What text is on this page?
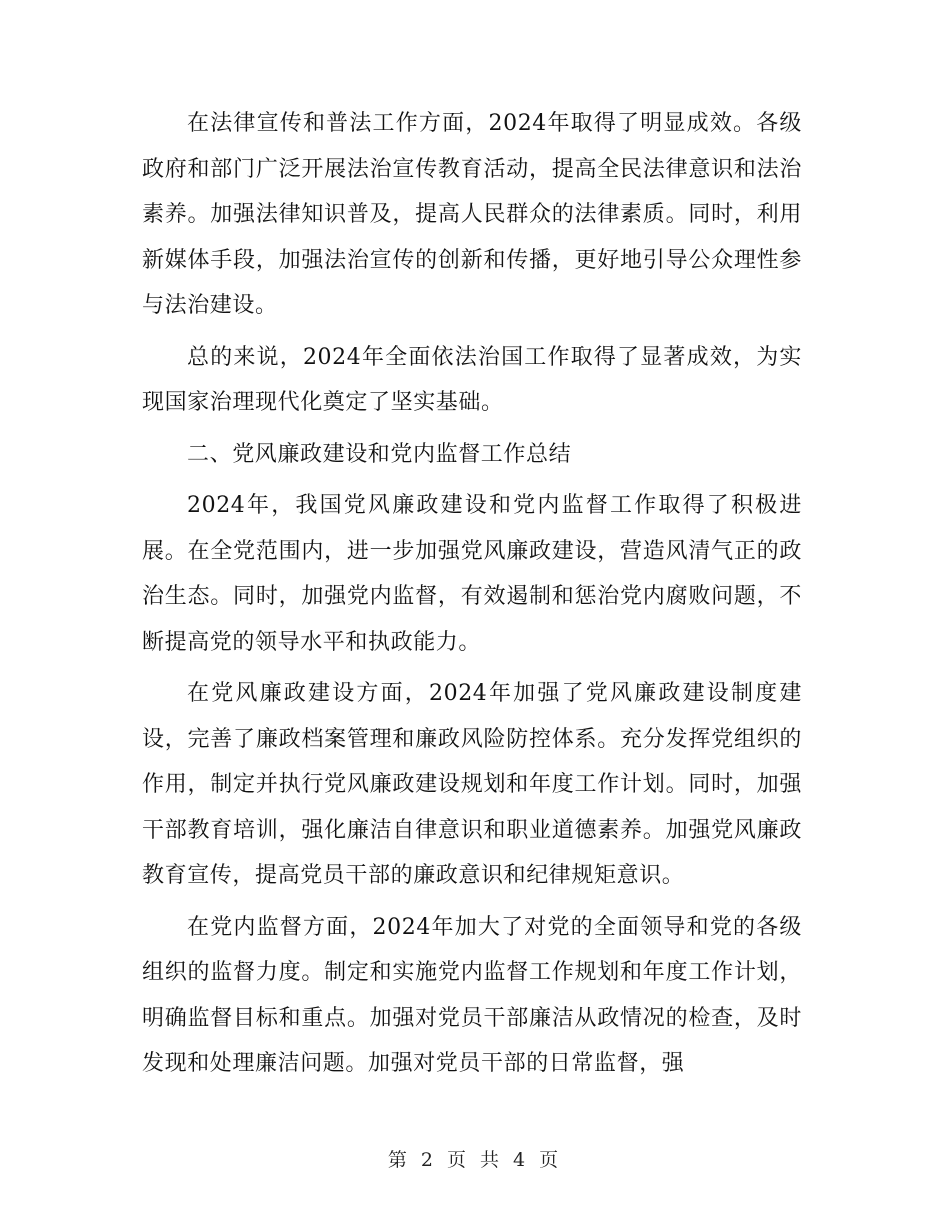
在法律宣传和普法工作方面，2024年取得了明显成效。各级政府和部门广泛开展法治宣传教育活动，提高全民法律意识和法治素养。加强法律知识普及，提高人民群众的法律素质。同时，利用新媒体手段，加强法治宣传的创新和传播，更好地引导公众理性参与法治建设。

总的来说，2024年全面依法治国工作取得了显著成效，为实现国家治理现代化奠定了坚实基础。

二、党风廉政建设和党内监督工作总结

2024年，我国党风廉政建设和党内监督工作取得了积极进展。在全党范围内，进一步加强党风廉政建设，营造风清气正的政治生态。同时，加强党内监督，有效遏制和惩治党内腐败问题，不断提高党的领导水平和执政能力。

在党风廉政建设方面，2024年加强了党风廉政建设制度建设，完善了廉政档案管理和廉政风险防控体系。充分发挥党组织的作用，制定并执行党风廉政建设规划和年度工作计划。同时，加强干部教育培训，强化廉洁自律意识和职业道德素养。加强党风廉政教育宣传，提高党员干部的廉政意识和纪律规矩意识。

在党内监督方面，2024年加大了对党的全面领导和党的各级组织的监督力度。制定和实施党内监督工作规划和年度工作计划，明确监督目标和重点。加强对党员干部廉洁从政情况的检查，及时发现和处理廉洁问题。加强对党员干部的日常监督，强

第 2 页 共 4 页
